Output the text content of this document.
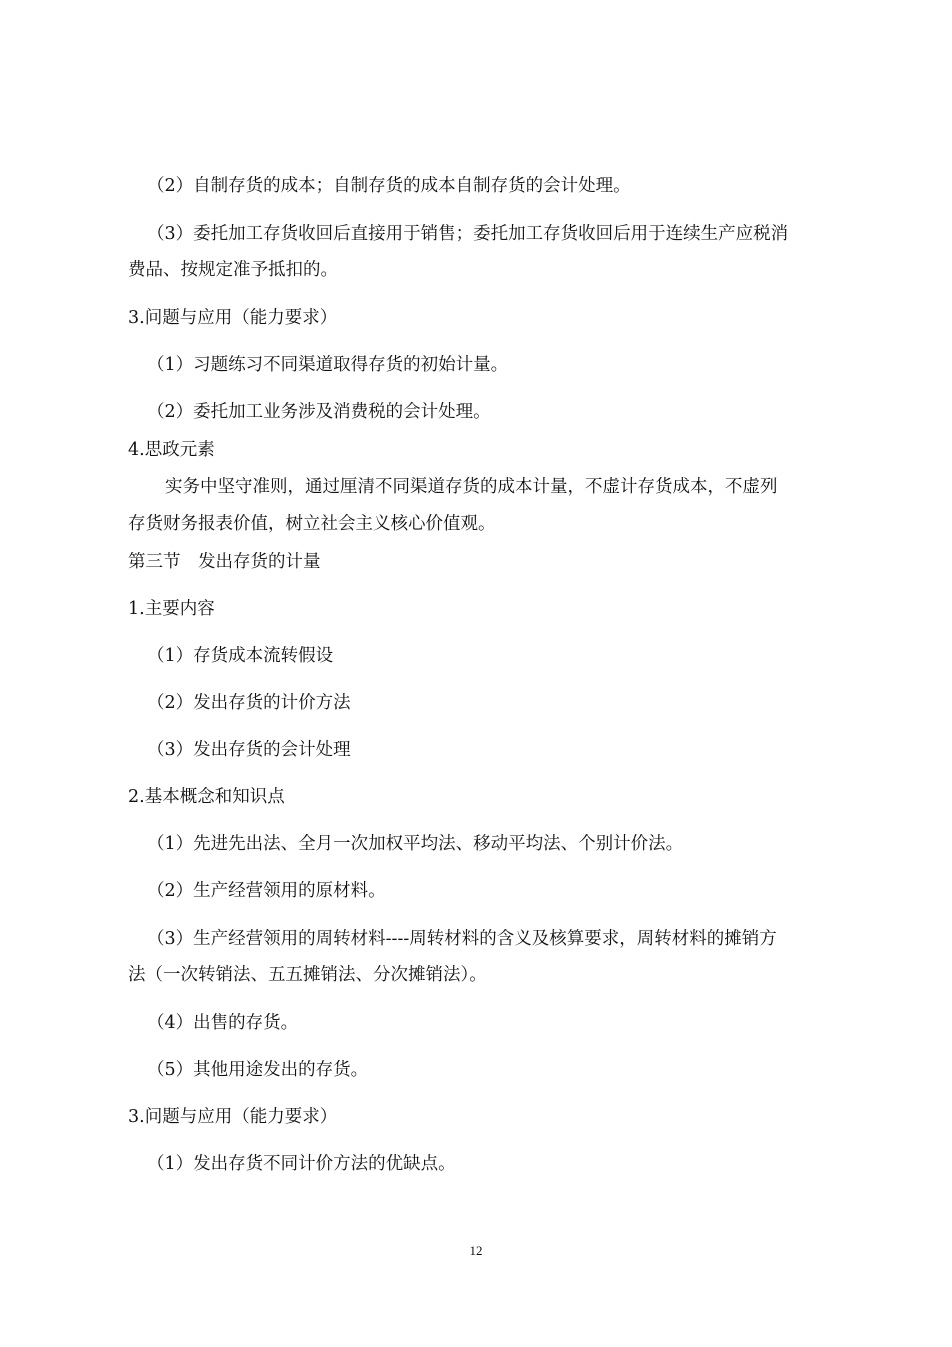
（2）自制存货的成本；自制存货的成本自制存货的会计处理。

（3）委托加工存货收回后直接用于销售；委托加工存货收回后用于连续生产应税消

费品、按规定准予抵扣的。

3.问题与应用（能力要求）

（1）习题练习不同渠道取得存货的初始计量。

（2）委托加工业务涉及消费税的会计处理。

4.思政元素

实务中坚守准则，通过厘清不同渠道存货的成本计量，不虚计存货成本，不虚列

存货财务报表价值，树立社会主义核心价值观。

第三节　发出存货的计量

1.主要内容

（1）存货成本流转假设

（2）发出存货的计价方法

（3）发出存货的会计处理

2.基本概念和知识点

（1）先进先出法、全月一次加权平均法、移动平均法、个别计价法。

（2）生产经营领用的原材料。

（3）生产经营领用的周转材料----周转材料的含义及核算要求，周转材料的摊销方

法（一次转销法、五五摊销法、分次摊销法）。

（4）出售的存货。

（5）其他用途发出的存货。

3.问题与应用（能力要求）

（1）发出存货不同计价方法的优缺点。

12
